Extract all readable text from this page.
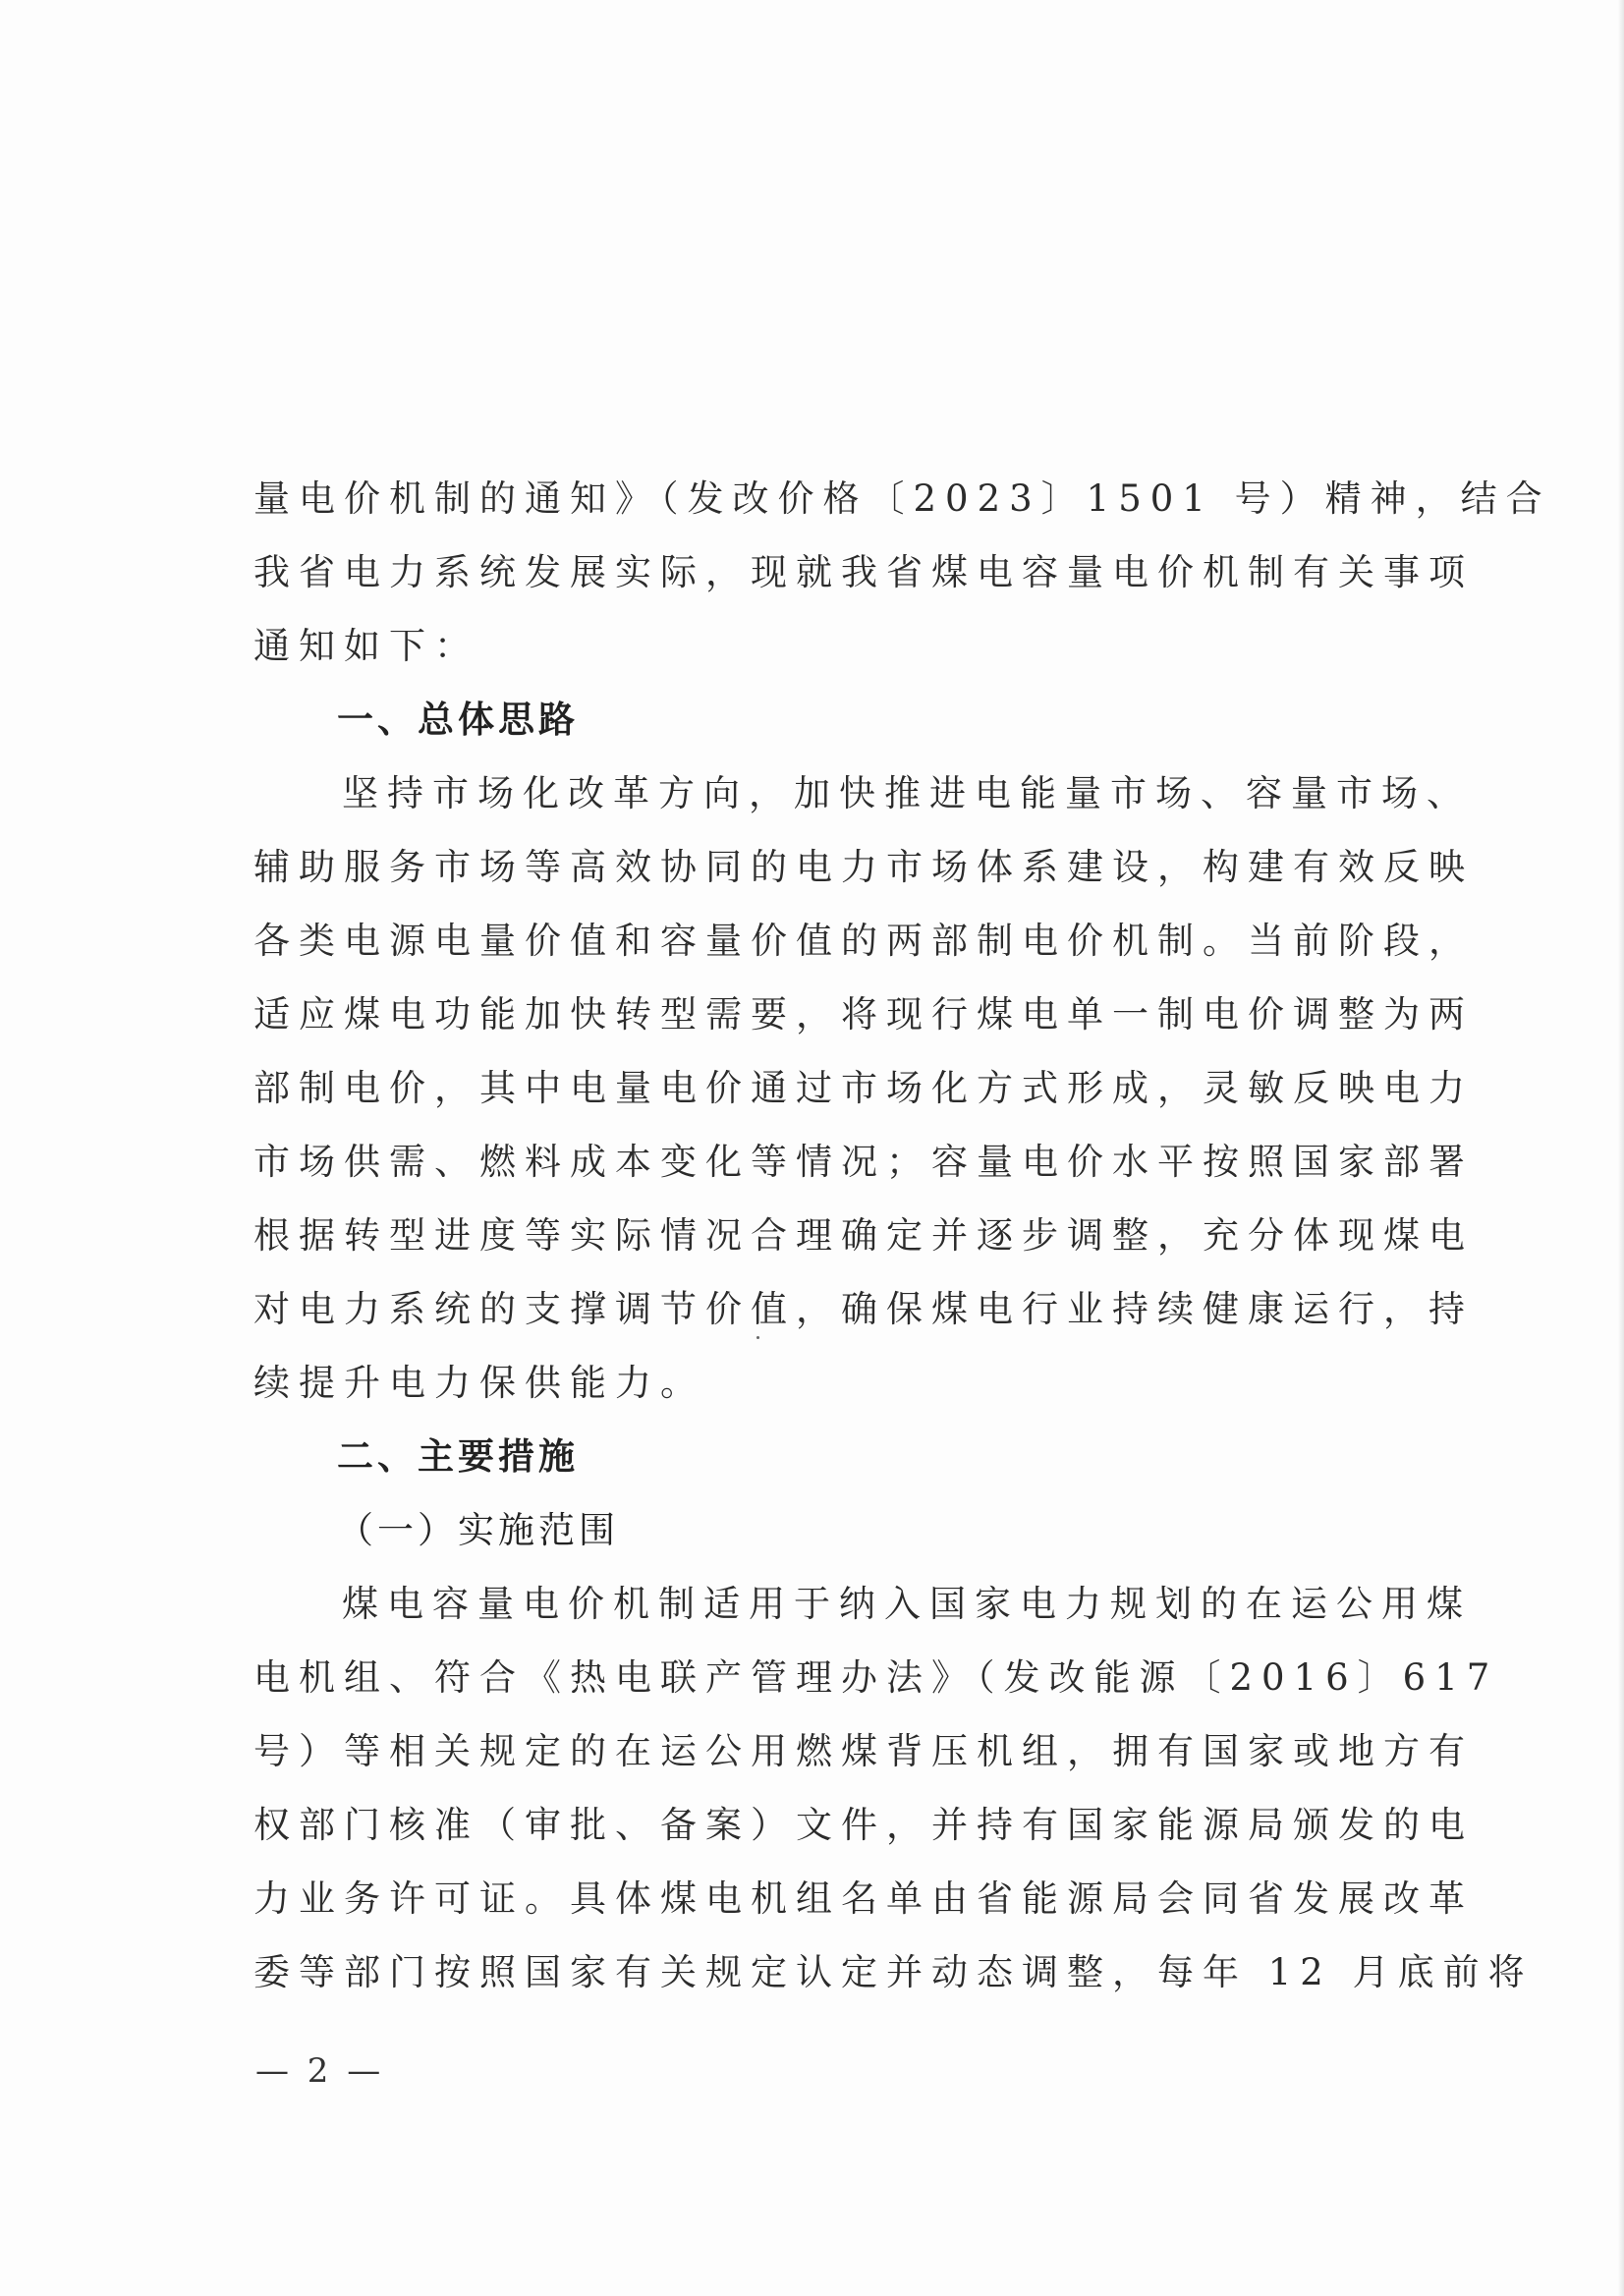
量电价机制的通知》（发改价格〔2023〕1501 号）精神，结合
我省电力系统发展实际，现就我省煤电容量电价机制有关事项
通知如下：
一、总体思路
坚持市场化改革方向，加快推进电能量市场、容量市场、
辅助服务市场等高效协同的电力市场体系建设，构建有效反映
各类电源电量价值和容量价值的两部制电价机制。当前阶段，
适应煤电功能加快转型需要，将现行煤电单一制电价调整为两
部制电价，其中电量电价通过市场化方式形成，灵敏反映电力
市场供需、燃料成本变化等情况；容量电价水平按照国家部署
根据转型进度等实际情况合理确定并逐步调整，充分体现煤电
对电力系统的支撑调节价值，确保煤电行业持续健康运行，持
续提升电力保供能力。
二、主要措施
（一）实施范围
煤电容量电价机制适用于纳入国家电力规划的在运公用煤
电机组、符合《热电联产管理办法》（发改能源〔2016〕617
号）等相关规定的在运公用燃煤背压机组，拥有国家或地方有
权部门核准（审批、备案）文件，并持有国家能源局颁发的电
力业务许可证。具体煤电机组名单由省能源局会同省发展改革
委等部门按照国家有关规定认定并动态调整，每年 12 月底前将
— 2 —
